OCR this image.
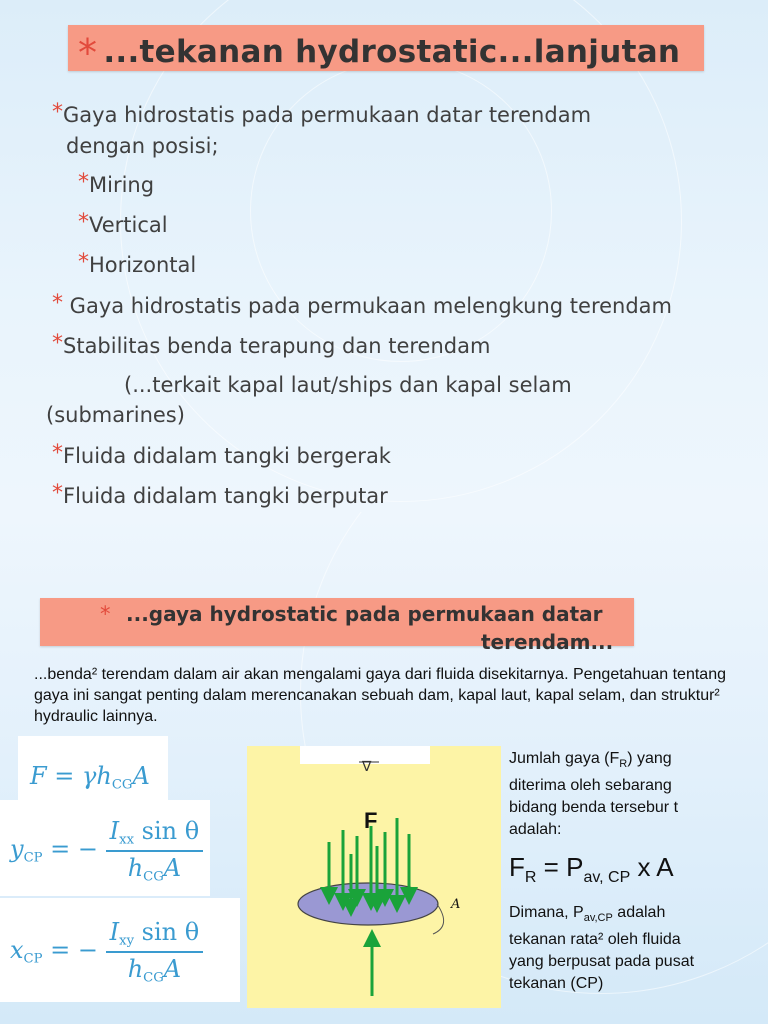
* ...tekanan hydrostatic...lanjutan
*Gaya hidrostatis pada permukaan datar terendam
dengan posisi;
*Miring
*Vertical
*Horizontal
* Gaya hidrostatis pada permukaan melengkung terendam
*Stabilitas benda terapung dan terendam
(...terkait kapal laut/ships dan kapal selam
(submarines)
*Fluida didalam tangki bergerak
*Fluida didalam tangki berputar
* ...gaya hydrostatic pada permukaan datar
terendam...
...benda² terendam dalam air akan mengalami gaya dari fluida disekitarnya. Pengetahuan tentang gaya ini sangat penting dalam merencanakan sebuah dam, kapal laut, kapal selam, dan struktur² hydraulic lainnya.
$F = \gamma h_{CG}A$
$y_{CP}$ = − $\frac{I_{xx} \sin \theta}{h_{CG}A}$
$x_{CP}$ = − $\frac{I_{xy} \sin \theta}{h_{CG}A}$
∇
F
A
Jumlah gaya $(F_R)$ yang
diterima oleh sebarang
bidang benda tersebur t
adalah:
$F_R = P_{av, CP}$ x A
Dimana, $P_{av,CP}$ adalah
tekanan rata² oleh fluida
yang berpusat pada pusat
tekanan (CP)
